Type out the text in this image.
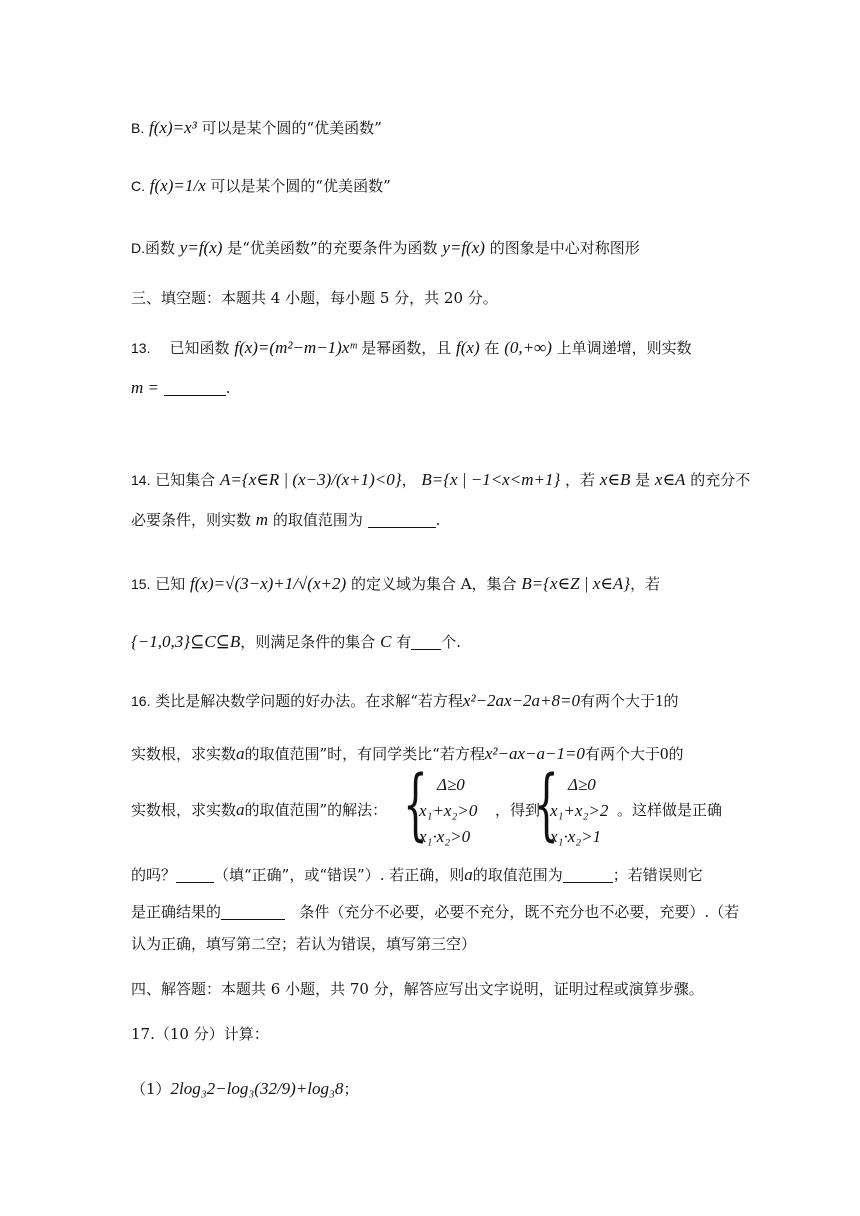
B. f(x)=x³ 可以是某个圆的“优美函数”
C. f(x)=1/x 可以是某个圆的“优美函数”
D.函数 y=f(x) 是“优美函数”的充要条件为函数 y=f(x) 的图象是中心对称图形
三、填空题：本题共 4 小题，每小题 5 分，共 20 分。
13. 已知函数 f(x)=(m²−m−1)xᵐ 是幂函数，且 f(x) 在 (0,+∞) 上单调递增，则实数
m =	.
14. 已知集合 A={x∈R | (x−3)/(x+1)<0}， B={x | −1<x<m+1} ，若 x∈B 是 x∈A 的充分不
必要条件，则实数 m 的取值范围为	.
15. 已知 f(x)=√(3−x)+1/√(x+2) 的定义域为集合 A，集合 B={x∈Z | x∈A}，若
{−1,0,3}⊆C⊆B，则满足条件的集合 C 有 个.
16. 类比是解决数学问题的好办法。在求解“若方程x²−2ax−2a+8=0有两个大于1的
实数根，求实数a的取值范围”时，有同学类比“若方程x²−ax−a−1=0有两个大于0的
实数根，求实数a的取值范围”的解法： { Δ≥0
x₁+x₂>0
x₁·x₂>0
，得到
{ Δ≥0
x₁+x₂>2
x₁·x₂>1
。这样做是正确
的吗？	（填“正确”，或“错误”）. 若正确，则a的取值范围为	；若错误则它
是正确结果的	条件（充分不必要，必要不充分，既不充分也不必要，充要）.（若
认为正确，填写第二空；若认为错误，填写第三空）
四、解答题：本题共 6 小题，共 70 分，解答应写出文字说明，证明过程或演算步骤。
17.（10 分）计算：
（1）2log₃2−log₃(32/9)+log₃8；
